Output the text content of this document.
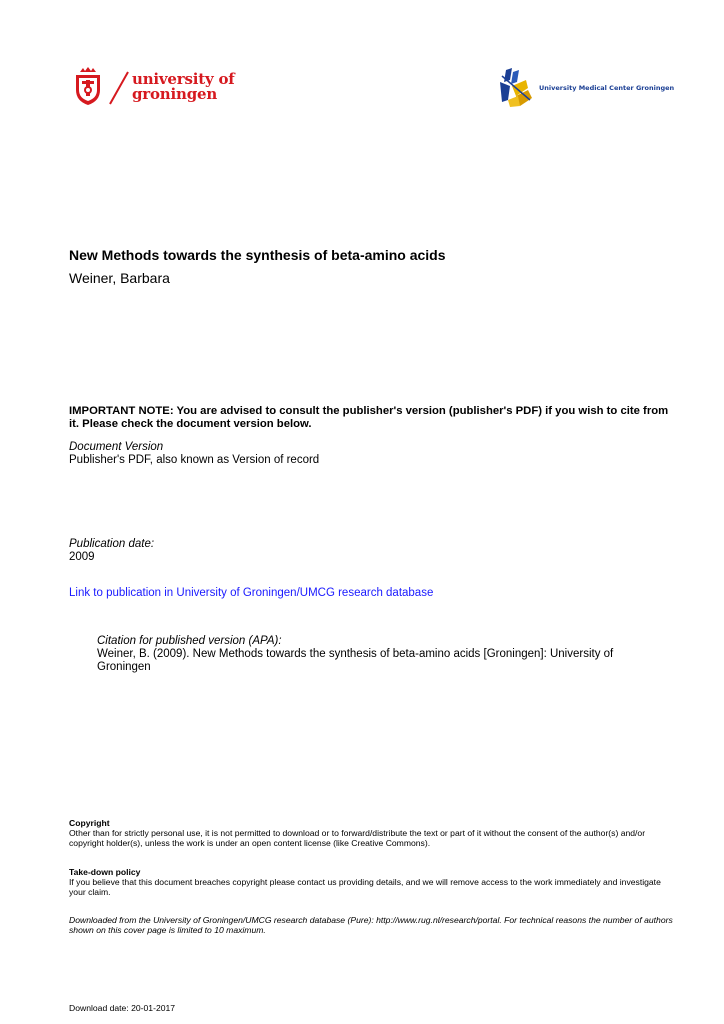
university of
groningen	University Medical Center Groningen
New Methods towards the synthesis of beta-amino acids
Weiner, Barbara
IMPORTANT NOTE: You are advised to consult the publisher's version (publisher's PDF) if you wish to cite from it. Please check the document version below.
Document Version
Publisher's PDF, also known as Version of record
Publication date:
2009
Link to publication in University of Groningen/UMCG research database
Citation for published version (APA):
Weiner, B. (2009). New Methods towards the synthesis of beta-amino acids [Groningen]: University of Groningen
Copyright
Other than for strictly personal use, it is not permitted to download or to forward/distribute the text or part of it without the consent of the author(s) and/or copyright holder(s), unless the work is under an open content license (like Creative Commons).
Take-down policy
If you believe that this document breaches copyright please contact us providing details, and we will remove access to the work immediately and investigate your claim.
Downloaded from the University of Groningen/UMCG research database (Pure): http://www.rug.nl/research/portal. For technical reasons the number of authors shown on this cover page is limited to 10 maximum.
Download date: 20-01-2017
